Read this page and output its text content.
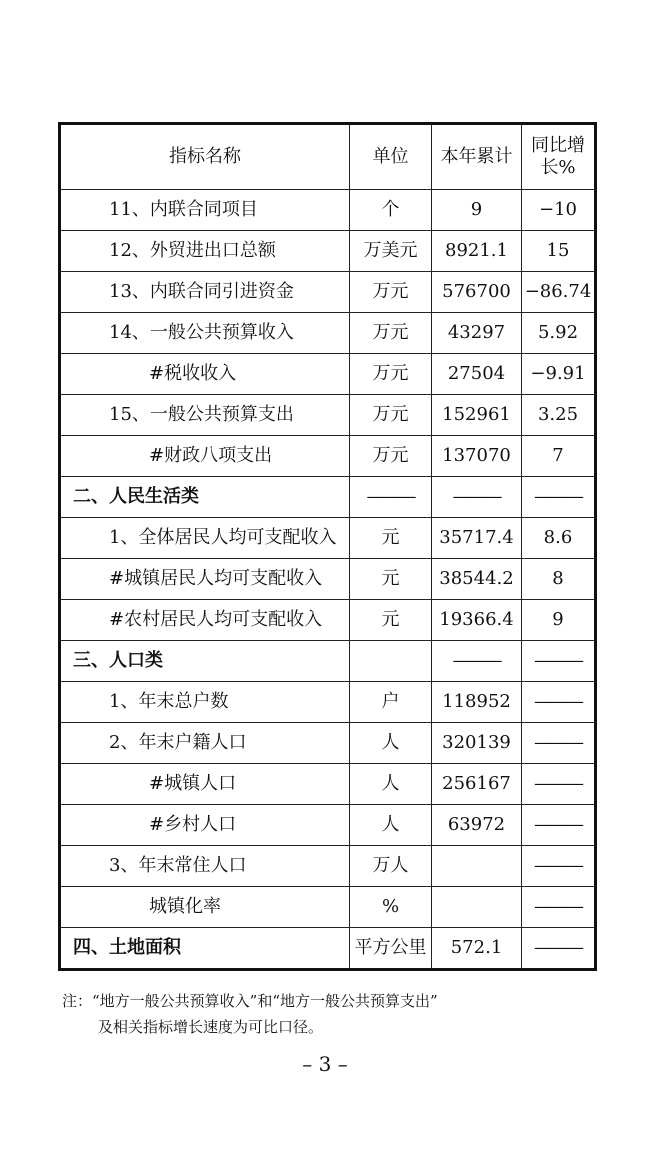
指标名称	单位	本年累计	同比增长%
11、内联合同项目	个	9	−10
12、外贸进出口总额	万美元	8921.1	15
13、内联合同引进资金	万元	576700	−86.74
14、一般公共预算收入	万元	43297	5.92
#税收收入	万元	27504	−9.91
15、一般公共预算支出	万元	152961	3.25
#财政八项支出	万元	137070	7
二、人民生活类	———	———	———
1、全体居民人均可支配收入	元	35717.4	8.6
#城镇居民人均可支配收入	元	38544.2	8
#农村居民人均可支配收入	元	19366.4	9
三、人口类		———	———
1、年末总户数	户	118952	———
2、年末户籍人口	人	320139	———
#城镇人口	人	256167	———
#乡村人口	人	63972	———
3、年末常住人口	万人		———
城镇化率	%		———
四、土地面积	平方公里	572.1	———
注：“地方一般公共预算收入”和“地方一般公共预算支出”
及相关指标增长速度为可比口径。
– 3 –
